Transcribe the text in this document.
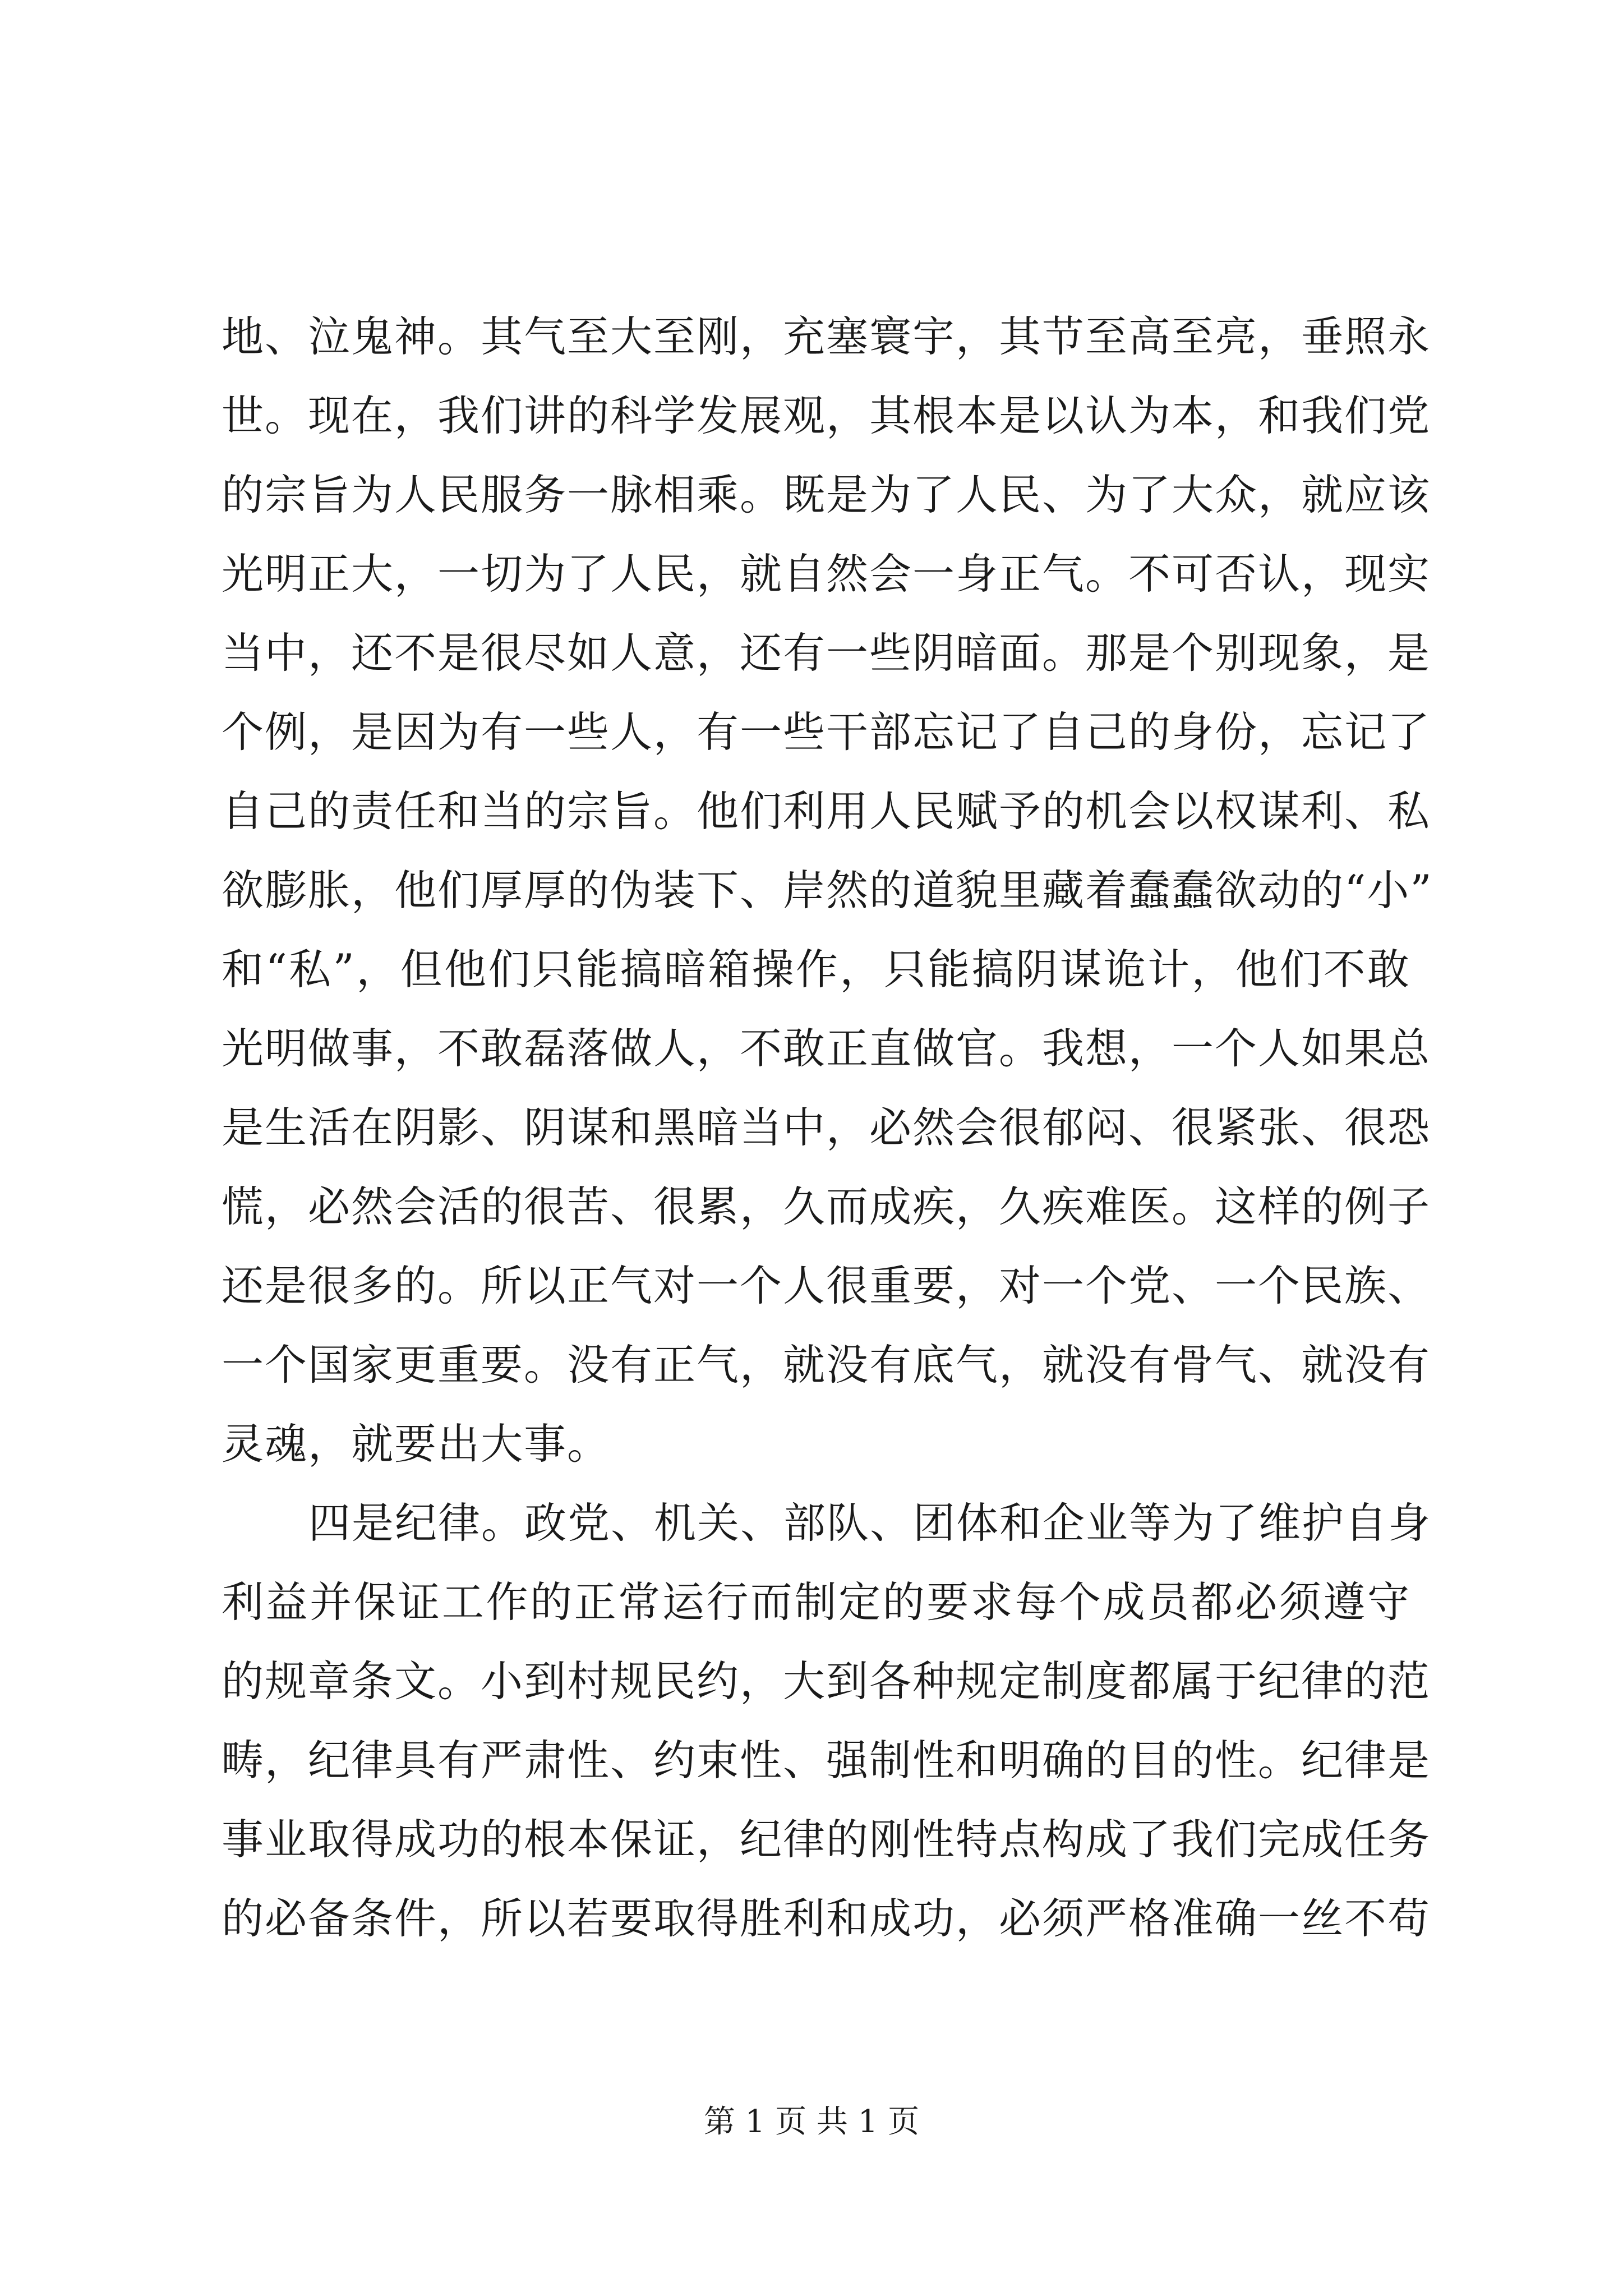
地、泣鬼神。其气至大至刚，充塞寰宇，其节至高至亮，垂照永
世。现在，我们讲的科学发展观，其根本是以认为本，和我们党
的宗旨为人民服务一脉相乘。既是为了人民、为了大众，就应该
光明正大，一切为了人民，就自然会一身正气。不可否认，现实
当中，还不是很尽如人意，还有一些阴暗面。那是个别现象，是
个例，是因为有一些人，有一些干部忘记了自己的身份，忘记了
自己的责任和当的宗旨。他们利用人民赋予的机会以权谋利、私
欲膨胀，他们厚厚的伪装下、岸然的道貌里藏着蠢蠢欲动的“小”
和“私”，但他们只能搞暗箱操作，只能搞阴谋诡计，他们不敢
光明做事，不敢磊落做人，不敢正直做官。我想，一个人如果总
是生活在阴影、阴谋和黑暗当中，必然会很郁闷、很紧张、很恐
慌，必然会活的很苦、很累，久而成疾，久疾难医。这样的例子
还是很多的。所以正气对一个人很重要，对一个党、一个民族、
一个国家更重要。没有正气，就没有底气，就没有骨气、就没有
灵魂，就要出大事。
四是纪律。政党、机关、部队、团体和企业等为了维护自身
利益并保证工作的正常运行而制定的要求每个成员都必须遵守
的规章条文。小到村规民约，大到各种规定制度都属于纪律的范
畴，纪律具有严肃性、约束性、强制性和明确的目的性。纪律是
事业取得成功的根本保证，纪律的刚性特点构成了我们完成任务
的必备条件，所以若要取得胜利和成功，必须严格准确一丝不苟
第 1 页 共 1 页
